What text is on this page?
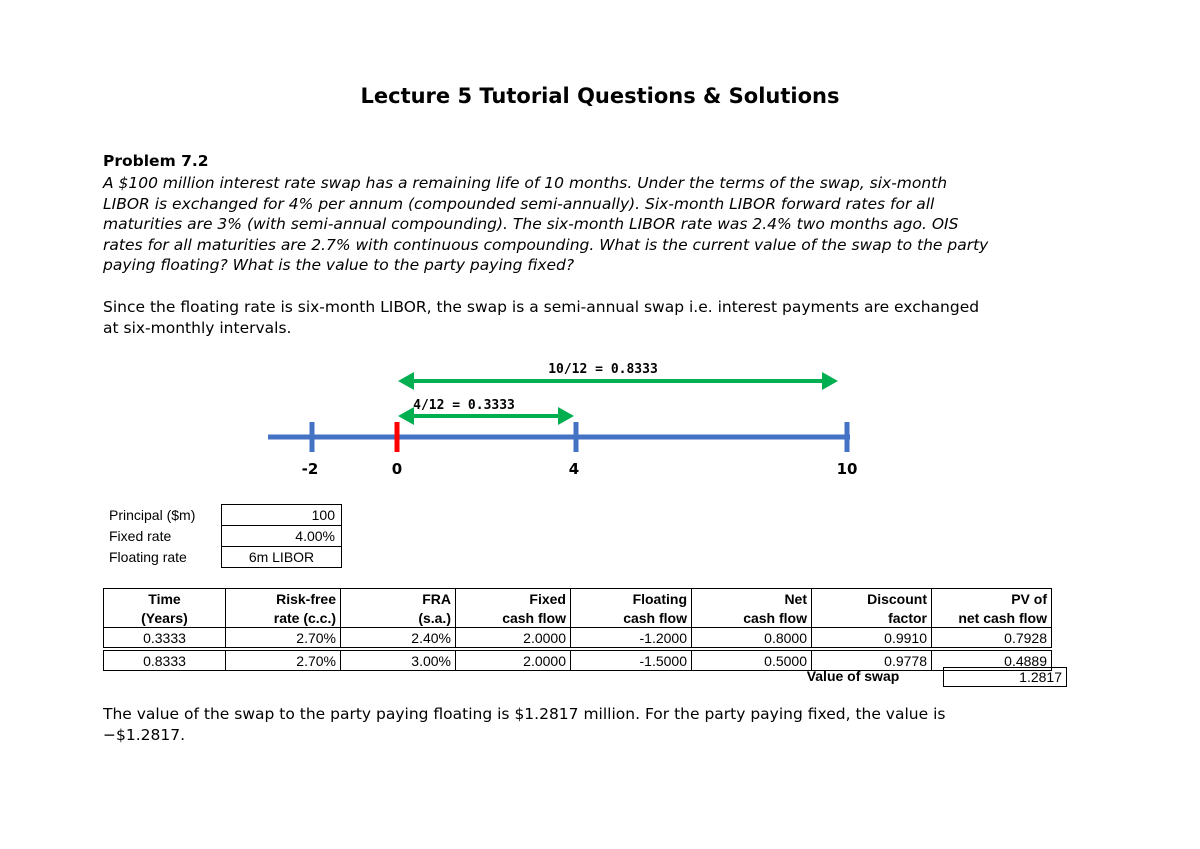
Lecture 5 Tutorial Questions & Solutions
Problem 7.2
A $100 million interest rate swap has a remaining life of 10 months. Under the terms of the swap, six-month
LIBOR is exchanged for 4% per annum (compounded semi-annually). Six-month LIBOR forward rates for all
maturities are 3% (with semi-annual compounding). The six-month LIBOR rate was 2.4% two months ago. OIS
rates for all maturities are 2.7% with continuous compounding. What is the current value of the swap to the party
paying floating? What is the value to the party paying fixed?
Since the floating rate is six-month LIBOR, the swap is a semi-annual swap i.e. interest payments are exchanged
at six-monthly intervals.
10/12 = 0.8333
4/12 = 0.3333
-2	0	4	10
Principal ($m)	100
Fixed rate	4.00%
Floating rate	6m LIBOR
Time	Risk-free	FRA	Fixed	Floating	Net	Discount	PV of
(Years)	rate (c.c.)	(s.a.)	cash flow	cash flow	cash flow	factor	net cash flow
0.3333	2.70%	2.40%	2.0000	-1.2000	0.8000	0.9910	0.7928

0.8333	2.70%	3.00%	2.0000	-1.5000	0.5000	0.9778	0.4889
Value of swap	1.2817
The value of the swap to the party paying floating is $1.2817 million. For the party paying fixed, the value is
−$1.2817.
